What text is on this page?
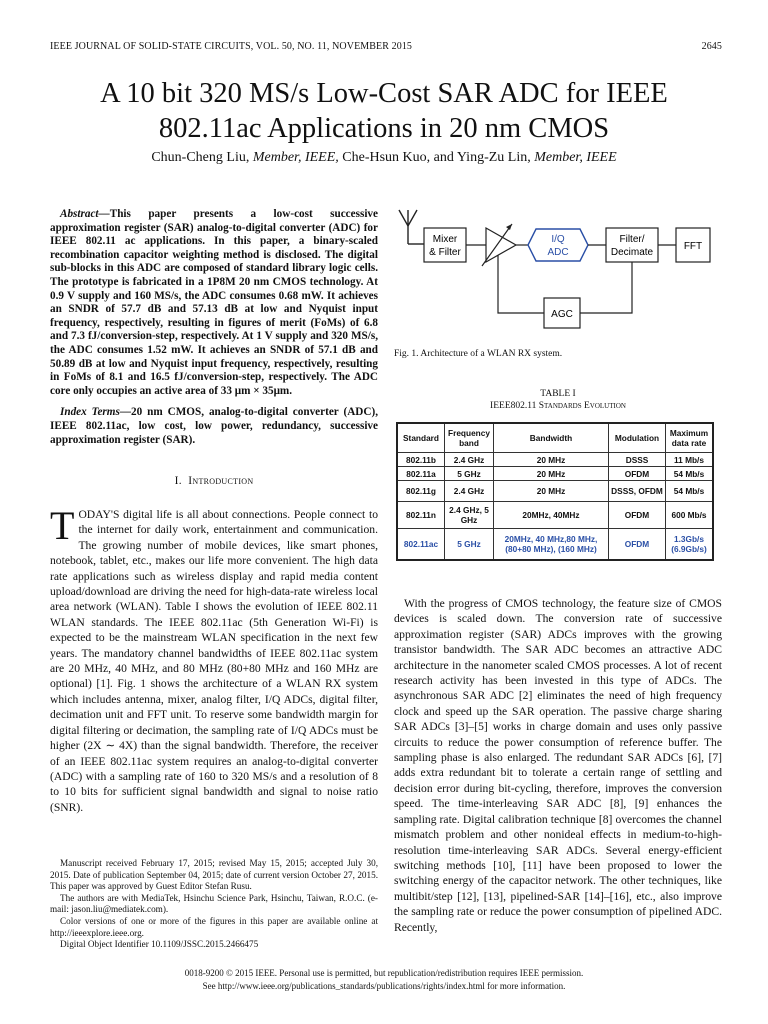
IEEE JOURNAL OF SOLID-STATE CIRCUITS, VOL. 50, NO. 11, NOVEMBER 2015	2645
A 10 bit 320 MS/s Low-Cost SAR ADC for IEEE
802.11ac Applications in 20 nm CMOS
Chun-Cheng Liu, Member, IEEE, Che-Hsun Kuo, and Ying-Zu Lin, Member, IEEE

Abstract—This paper presents a low-cost successive approximation register (SAR) analog-to-digital converter (ADC) for IEEE 802.11 ac applications. In this paper, a binary-scaled recombination capacitor weighting method is disclosed. The digital sub-blocks in this ADC are composed of standard library logic cells. The prototype is fabricated in a 1P8M 20 nm CMOS technology. At 0.9 V supply and 160 MS/s, the ADC consumes 0.68 mW. It achieves an SNDR of 57.7 dB and 57.13 dB at low and Nyquist input frequency, respectively, resulting in figures of merit (FoMs) of 6.8 and 7.3 fJ/conversion-step, respectively. At 1 V supply and 320 MS/s, the ADC consumes 1.52 mW. It achieves an SNDR of 57.1 dB and 50.89 dB at low and Nyquist input frequency, respectively, resulting in FoMs of 8.1 and 16.5 fJ/conversion-step, respectively. The ADC core only occupies an active area of 33 μm × 35μm.

Index Terms—20 nm CMOS, analog-to-digital converter (ADC), IEEE 802.11ac, low cost, low power, redundancy, successive approximation register (SAR).

I. Introduction

TODAY'S digital life is all about connections. People connect to the internet for daily work, entertainment and communication. The growing number of mobile devices, like smart phones, notebook, tablet, etc., makes our life more convenient. The high data rate applications such as wireless display and rapid media content upload/download are driving the need for high-data-rate wireless local area network (WLAN). Table I shows the evolution of IEEE 802.11 WLAN standards. The IEEE 802.11ac (5th Generation Wi-Fi) is expected to be the mainstream WLAN specification in the next few years. The mandatory channel bandwidths of IEEE 802.11ac system are 20 MHz, 40 MHz, and 80 MHz (80+80 MHz and 160 MHz are optional) [1]. Fig. 1 shows the architecture of a WLAN RX system which includes antenna, mixer, analog filter, I/Q ADCs, digital filter, decimation unit and FFT unit. To reserve some bandwidth margin for digital filtering or decimation, the sampling rate of I/Q ADCs must be higher (2X ∼ 4X) than the signal bandwidth. Therefore, the receiver of an IEEE 802.11ac system requires an analog-to-digital converter (ADC) with a sampling rate of 160 to 320 MS/s and a resolution of 8 to 10 bits for sufficient signal bandwidth and signal to noise ratio (SNR).

Manuscript received February 17, 2015; revised May 15, 2015; accepted July 30, 2015. Date of publication September 04, 2015; date of current version October 27, 2015. This paper was approved by Guest Editor Stefan Rusu.

The authors are with MediaTek, Hsinchu Science Park, Hsinchu, Taiwan, R.O.C. (e-mail: jason.liu@mediatek.com).

Color versions of one or more of the figures in this paper are available online at http://ieeexplore.ieee.org.

Digital Object Identifier 10.1109/JSSC.2015.2466475

Mixer
& Filter
I/Q
ADC
Filter/
Decimate
FFT
AGC
Fig. 1. Architecture of a WLAN RX system.
TABLE I
IEEE802.11 Standards Evolution
Standard	Frequency band	Bandwidth	Modulation	Maximum data rate
802.11b	2.4 GHz	20 MHz	DSSS	11 Mb/s
802.11a	5 GHz	20 MHz	OFDM	54 Mb/s
802.11g	2.4 GHz	20 MHz	DSSS, OFDM	54 Mb/s
802.11n	2.4 GHz, 5 GHz	20MHz, 40MHz	OFDM	600 Mb/s
802.11ac	5 GHz	20MHz, 40 MHz,80 MHz, (80+80 MHz), (160 MHz)	OFDM	1.3Gb/s (6.9Gb/s)

With the progress of CMOS technology, the feature size of CMOS devices is scaled down. The conversion rate of successive approximation register (SAR) ADCs improves with the growing transistor bandwidth. The SAR ADC becomes an attractive ADC architecture in the nanometer scaled CMOS processes. A lot of recent research activity has been invested in this type of ADCs. The asynchronous SAR ADC [2] eliminates the need of high frequency clock and speed up the SAR operation. The passive charge sharing SAR ADCs [3]–[5] works in charge domain and uses only passive circuits to reduce the power consumption of reference buffer. The sampling phase is also enlarged. The redundant SAR ADCs [6], [7] adds extra redundant bit to tolerate a certain range of settling and decision error during bit-cycling, therefore, improves the conversion speed. The time-interleaving SAR ADC [8], [9] enhances the sampling rate. Digital calibration technique [8] overcomes the channel mismatch problem and other nonideal effects in medium-to-high-resolution time-interleaving SAR ADCs. Several energy-efficient switching methods [10], [11] have been proposed to lower the switching energy of the capacitor network. The other techniques, like multibit/step [12], [13], pipelined-SAR [14]–[16], etc., also improve the sampling rate or reduce the power consumption of pipelined ADC. Recently,

0018-9200 © 2015 IEEE. Personal use is permitted, but republication/redistribution requires IEEE permission.
See http://www.ieee.org/publications_standards/publications/rights/index.html for more information.
